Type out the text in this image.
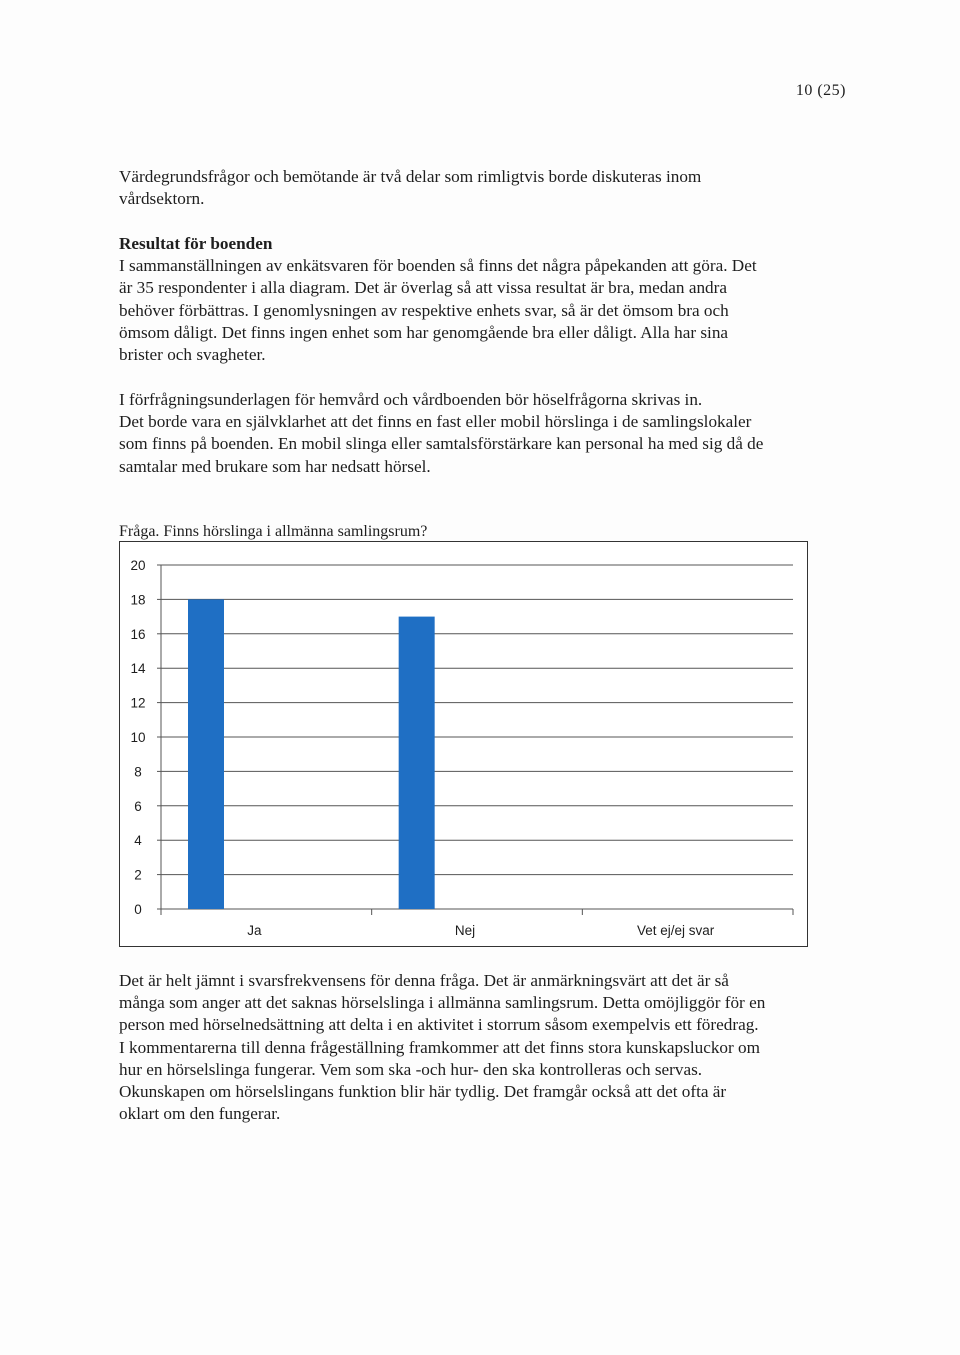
10 (25)

Värdegrundsfrågor och bemötande är två delar som rimligtvis borde diskuteras inom
vårdsektorn.

Resultat för boenden
I sammanställningen av enkätsvaren för boenden så finns det några påpekanden att göra. Det
är 35 respondenter i alla diagram. Det är överlag så att vissa resultat är bra, medan andra
behöver förbättras. I genomlysningen av respektive enhets svar, så är det ömsom bra och
ömsom dåligt. Det finns ingen enhet som har genomgående bra eller dåligt. Alla har sina
brister och svagheter.

I förfrågningsunderlagen för hemvård och vårdboenden bör höselfrågorna skrivas in.
Det borde vara en självklarhet att det finns en fast eller mobil hörslinga i de samlingslokaler
som finns på boenden. En mobil slinga eller samtalsförstärkare kan personal ha med sig då de
samtalar med brukare som har nedsatt hörsel.

Fråga. Finns hörslinga i allmänna samlingsrum?

0
2
4
6
8
10
12
14
16
18
20
Ja	Nej	Vet ej/ej svar

Det är helt jämnt i svarsfrekvensens för denna fråga. Det är anmärkningsvärt att det är så
många som anger att det saknas hörselslinga i allmänna samlingsrum. Detta omöjliggör för en
person med hörselnedsättning att delta i en aktivitet i storrum såsom exempelvis ett föredrag.
I kommentarerna till denna frågeställning framkommer att det finns stora kunskapsluckor om
hur en hörselslinga fungerar. Vem som ska -och hur- den ska kontrolleras och servas.
Okunskapen om hörselslingans funktion blir här tydlig. Det framgår också att det ofta är
oklart om den fungerar.
